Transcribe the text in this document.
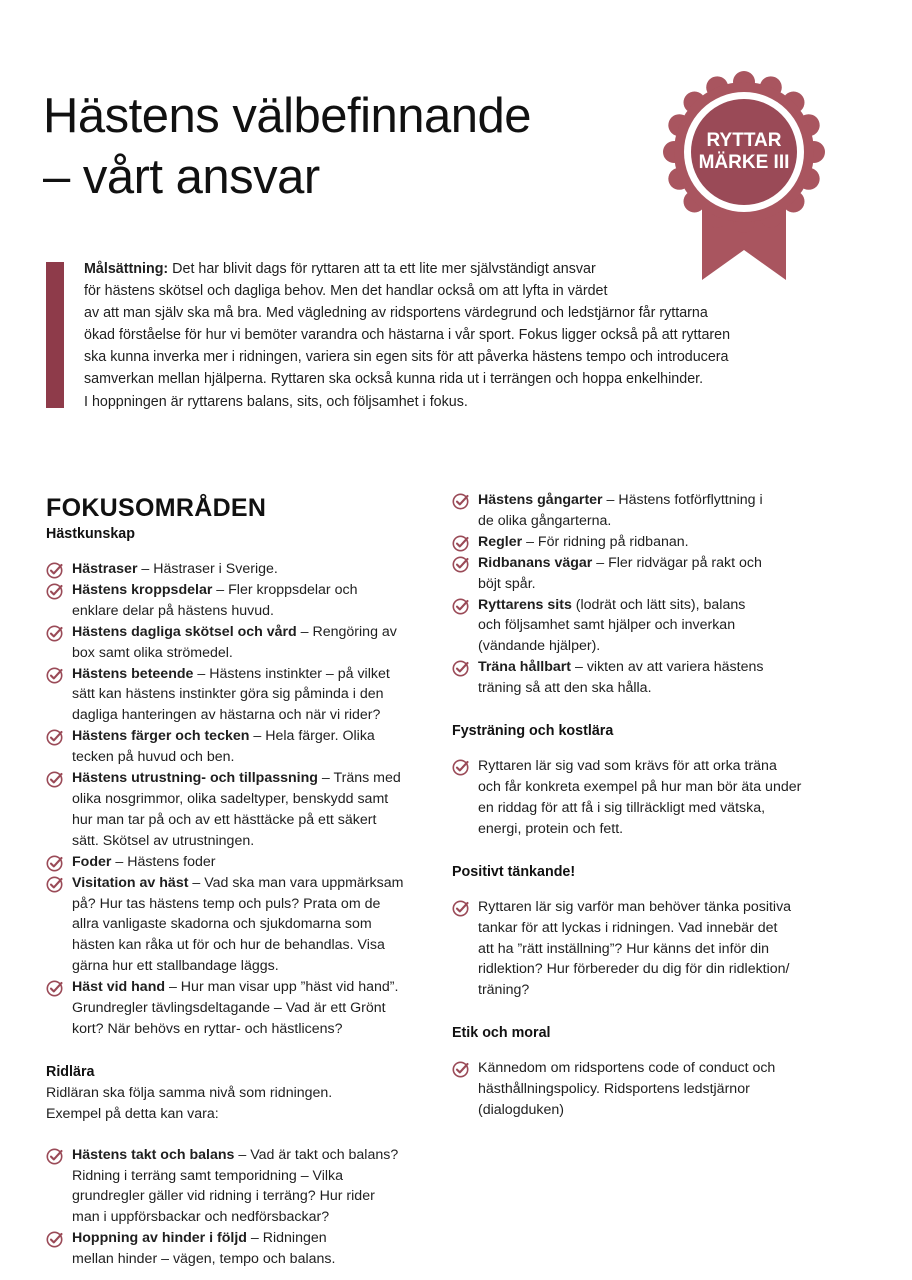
Hästens välbefinnande
– vårt ansvar
RYTTAR
MÄRKE III
Målsättning: Det har blivit dags för ryttaren att ta ett lite mer självständigt ansvar
för hästens skötsel och dagliga behov. Men det handlar också om att lyfta in värdet
av att man själv ska må bra. Med vägledning av ridsportens värdegrund och ledstjärnor får ryttarna
ökad förståelse för hur vi bemöter varandra och hästarna i vår sport. Fokus ligger också på att ryttaren
ska kunna inverka mer i ridningen, variera sin egen sits för att påverka hästens tempo och introducera
samverkan mellan hjälperna. Ryttaren ska också kunna rida ut i terrängen och hoppa enkelhinder.
I hoppningen är ryttarens balans, sits, och följsamhet i fokus.
FOKUSOMRÅDEN
Hästkunskap
Hästraser – Hästraser i Sverige.
Hästens kroppsdelar – Fler kroppsdelar och
enklare delar på hästens huvud.
Hästens dagliga skötsel och vård – Rengöring av
box samt olika strömedel.
Hästens beteende – Hästens instinkter – på vilket
sätt kan hästens instinkter göra sig påminda i den
dagliga hanteringen av hästarna och när vi rider?
Hästens färger och tecken – Hela färger. Olika
tecken på huvud och ben.
Hästens utrustning- och tillpassning – Träns med
olika nosgrimmor, olika sadeltyper, benskydd samt
hur man tar på och av ett hästtäcke på ett säkert
sätt. Skötsel av utrustningen.
Foder – Hästens foder
Visitation av häst – Vad ska man vara uppmärksam
på? Hur tas hästens temp och puls? Prata om de
allra vanligaste skadorna och sjukdomarna som
hästen kan råka ut för och hur de behandlas. Visa
gärna hur ett stallbandage läggs.
Häst vid hand – Hur man visar upp ”häst vid hand”.
Grundregler tävlingsdeltagande – Vad är ett Grönt
kort? När behövs en ryttar- och hästlicens?
Ridlära
Ridläran ska följa samma nivå som ridningen.
Exempel på detta kan vara:
Hästens takt och balans – Vad är takt och balans?
Ridning i terräng samt temporidning – Vilka
grundregler gäller vid ridning i terräng? Hur rider
man i uppförsbackar och nedförsbackar?
Hoppning av hinder i följd – Ridningen
mellan hinder – vägen, tempo och balans.
Hästens gångarter – Hästens fotförflyttning i
de olika gångarterna.
Regler – För ridning på ridbanan.
Ridbanans vägar – Fler ridvägar på rakt och
böjt spår.
Ryttarens sits (lodrät och lätt sits), balans
och följsamhet samt hjälper och inverkan
(vändande hjälper).
Träna hållbart – vikten av att variera hästens
träning så att den ska hålla.
Fysträning och kostlära
Ryttaren lär sig vad som krävs för att orka träna
och får konkreta exempel på hur man bör äta under
en riddag för att få i sig tillräckligt med vätska,
energi, protein och fett.
Positivt tänkande!
Ryttaren lär sig varför man behöver tänka positiva
tankar för att lyckas i ridningen. Vad innebär det
att ha ”rätt inställning”? Hur känns det inför din
ridlektion? Hur förbereder du dig för din ridlektion/
träning?
Etik och moral
Kännedom om ridsportens code of conduct och
hästhållningspolicy. Ridsportens ledstjärnor
(dialogduken)
